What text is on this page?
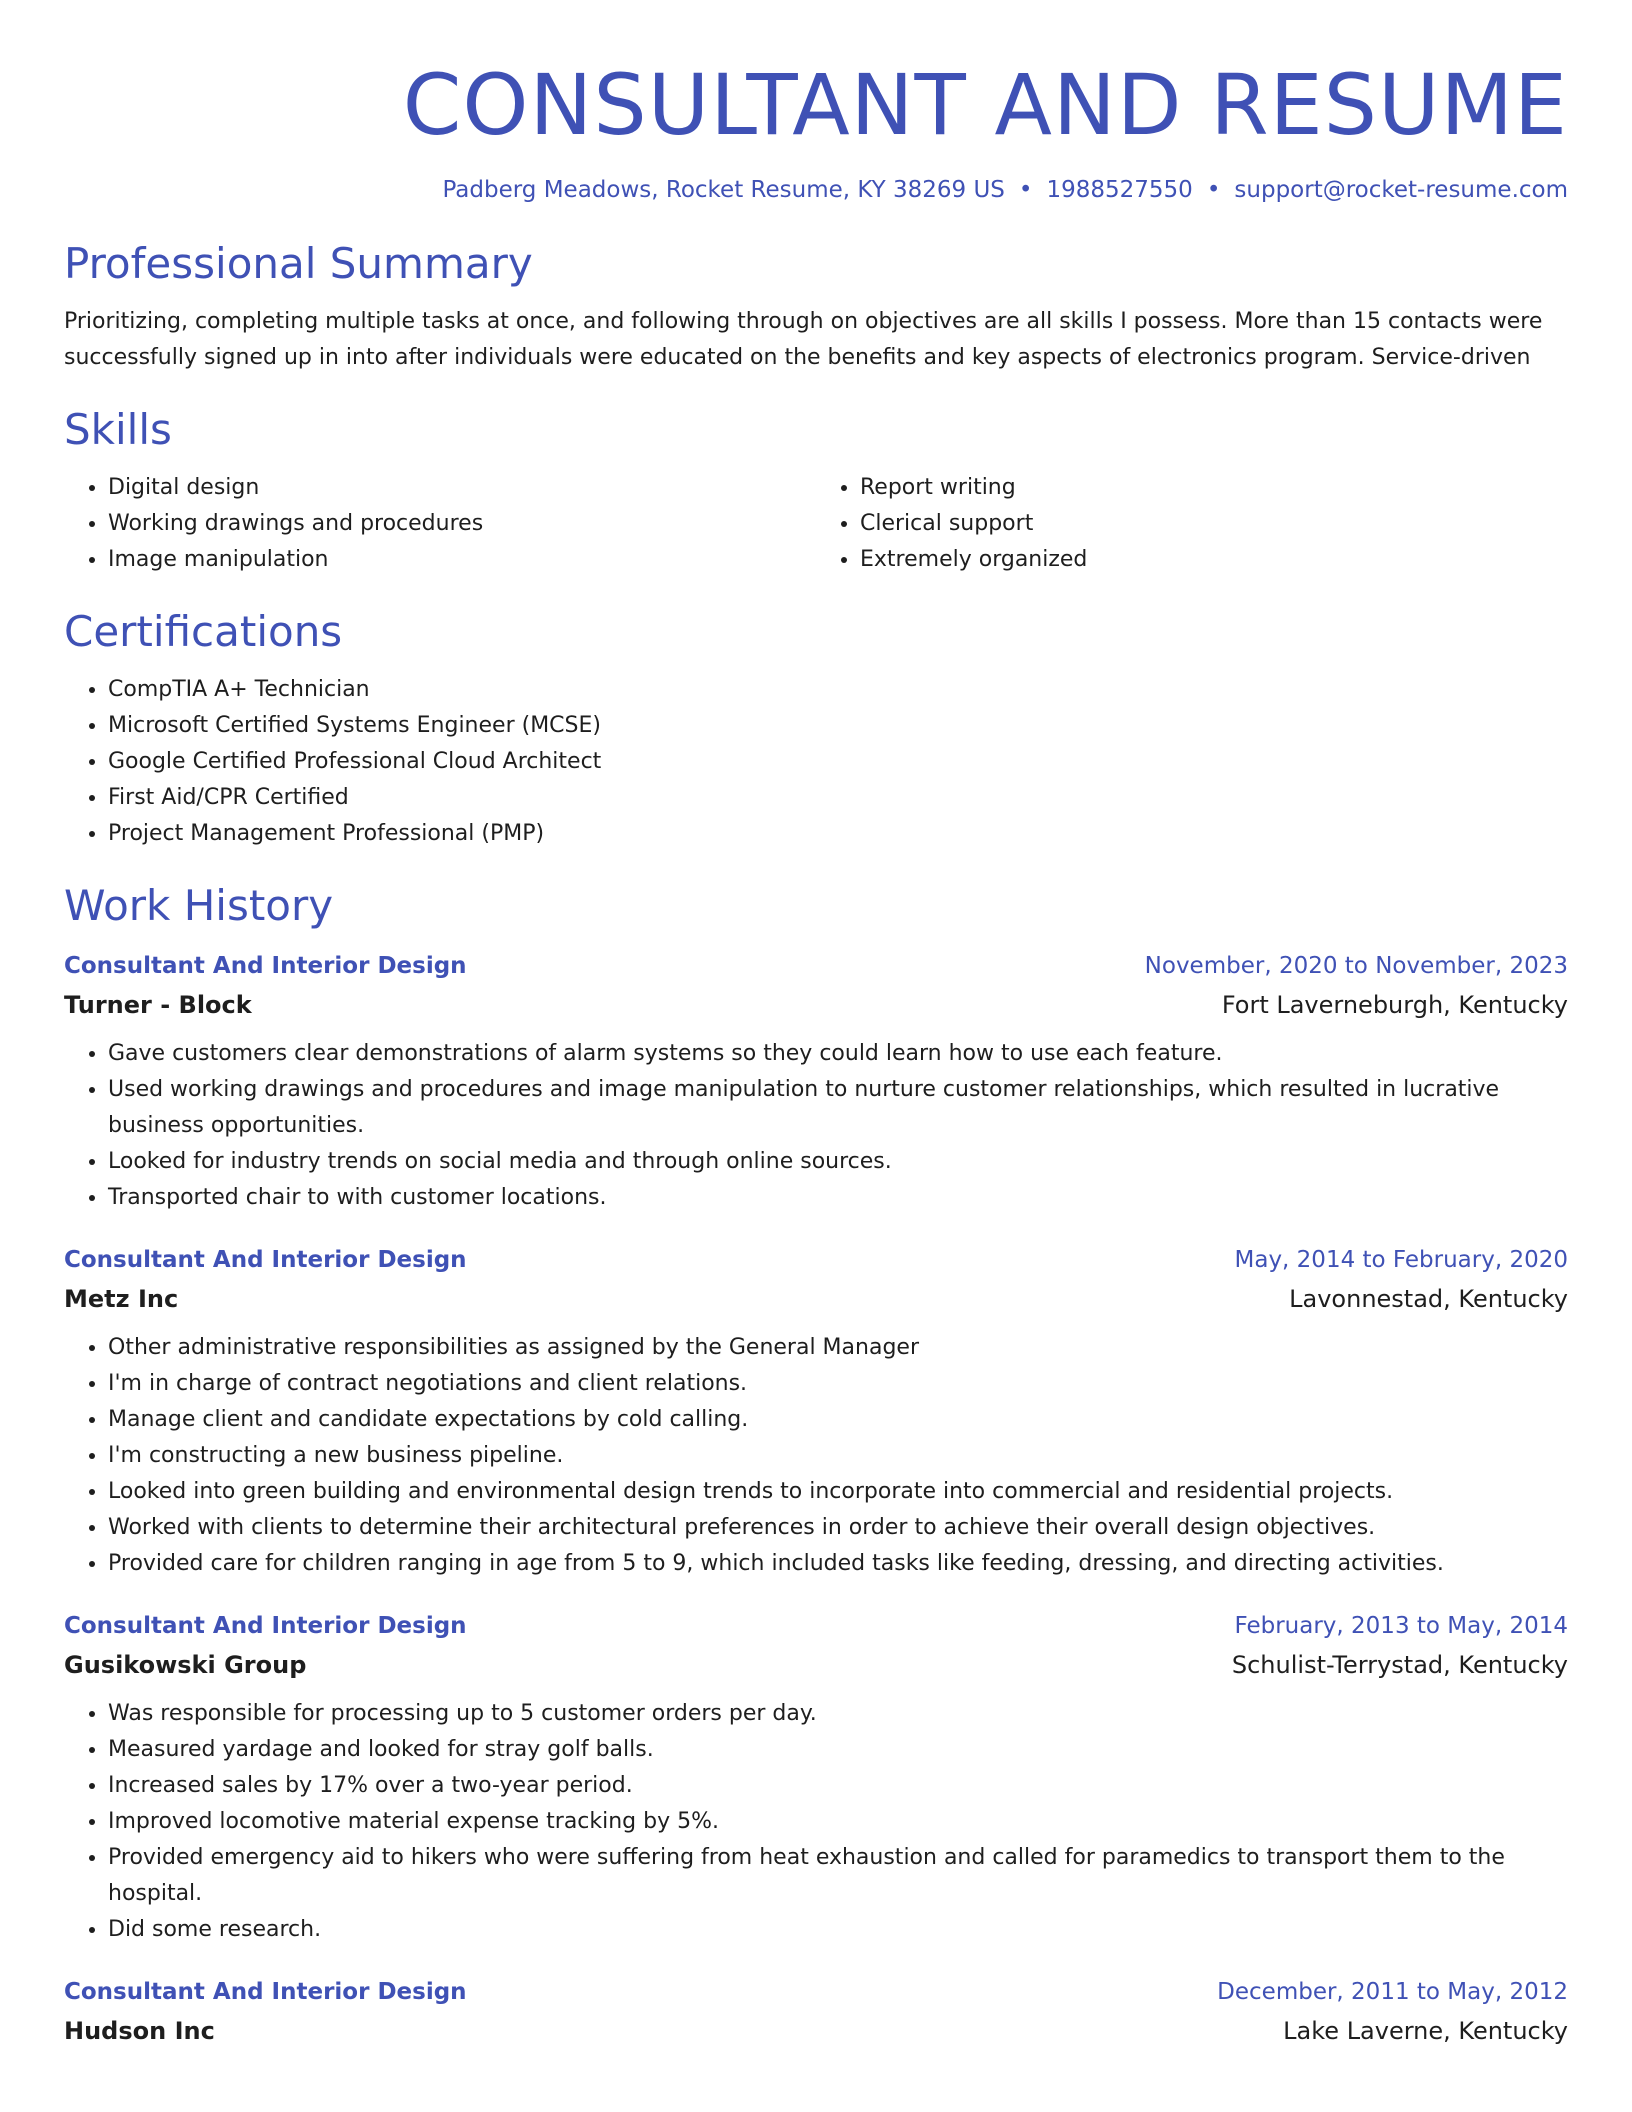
CONSULTANT AND RESUME
Padberg Meadows, Rocket Resume, KY 38269 US • 1988527550 • support@rocket-resume.com
Professional Summary

Prioritizing, completing multiple tasks at once, and following through on objectives are all skills I possess. More than 15 contacts were successfully signed up in into after individuals were educated on the benefits and key aspects of electronics program. Service-driven

Skills
• Digital design
• Working drawings and procedures
• Image manipulation
• Report writing
• Clerical support
• Extremely organized
Certifications
• CompTIA A+ Technician
• Microsoft Certified Systems Engineer (MCSE)
• Google Certified Professional Cloud Architect
• First Aid/CPR Certified
• Project Management Professional (PMP)
Work History
Consultant And Interior Design	November, 2020 to November, 2023
Turner - Block	Fort Laverneburgh, Kentucky
• Gave customers clear demonstrations of alarm systems so they could learn how to use each feature.
• Used working drawings and procedures and image manipulation to nurture customer relationships, which resulted in lucrative business opportunities.
• Looked for industry trends on social media and through online sources.
• Transported chair to with customer locations.
Consultant And Interior Design	May, 2014 to February, 2020
Metz Inc	Lavonnestad, Kentucky
• Other administrative responsibilities as assigned by the General Manager
• I'm in charge of contract negotiations and client relations.
• Manage client and candidate expectations by cold calling.
• I'm constructing a new business pipeline.
• Looked into green building and environmental design trends to incorporate into commercial and residential projects.
• Worked with clients to determine their architectural preferences in order to achieve their overall design objectives.
• Provided care for children ranging in age from 5 to 9, which included tasks like feeding, dressing, and directing activities.
Consultant And Interior Design	February, 2013 to May, 2014
Gusikowski Group	Schulist-Terrystad, Kentucky
• Was responsible for processing up to 5 customer orders per day.
• Measured yardage and looked for stray golf balls.
• Increased sales by 17% over a two-year period.
• Improved locomotive material expense tracking by 5%.
• Provided emergency aid to hikers who were suffering from heat exhaustion and called for paramedics to transport them to the hospital.
• Did some research.
Consultant And Interior Design	December, 2011 to May, 2012
Hudson Inc	Lake Laverne, Kentucky
